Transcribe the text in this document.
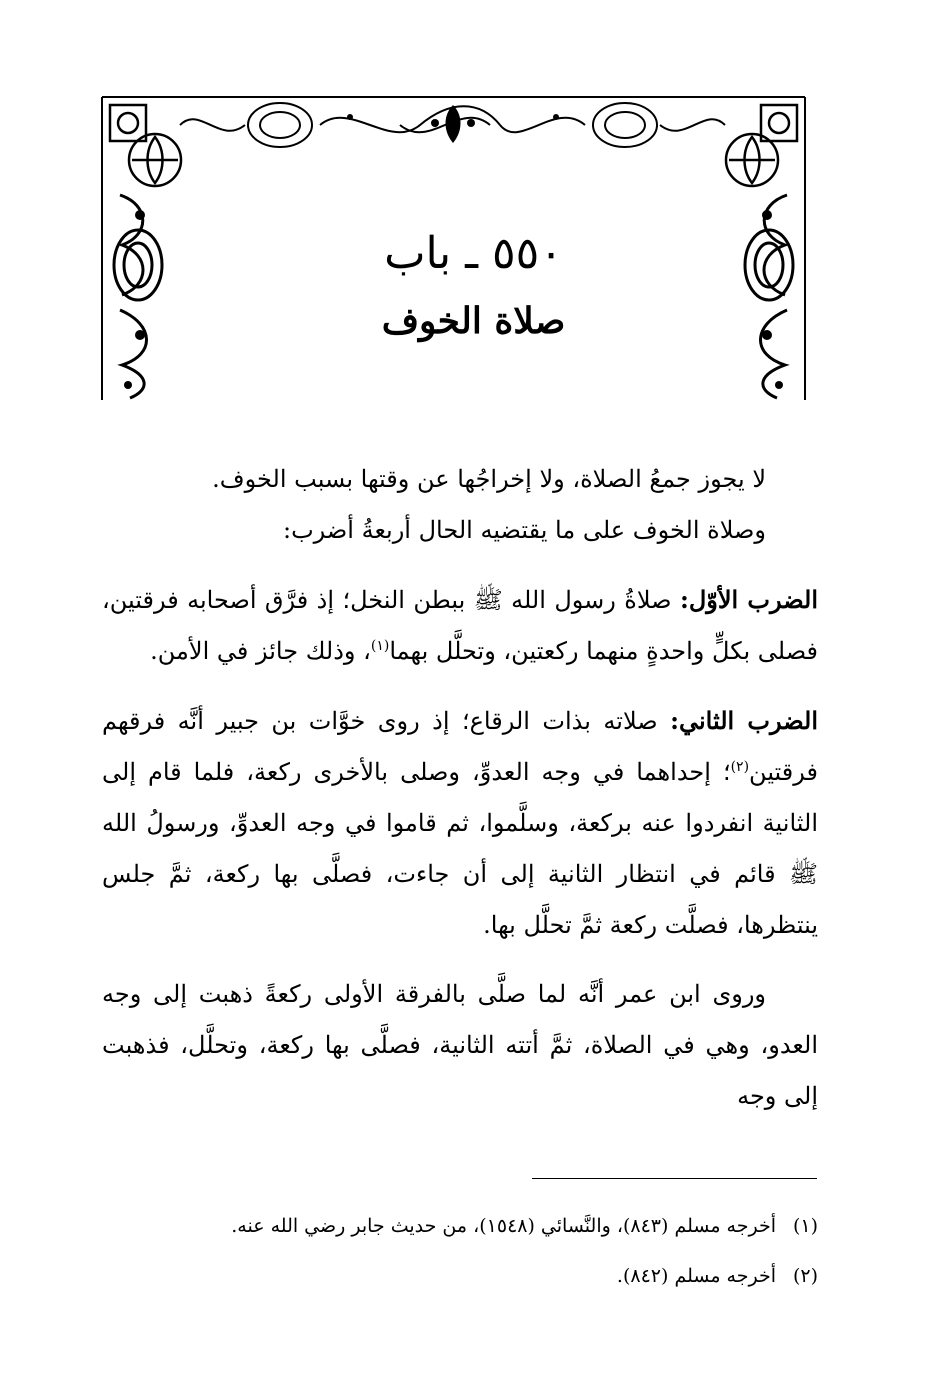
٥٥٠ ـ باب
صلاة الخوف

لا يجوز جمعُ الصلاة، ولا إخراجُها عن وقتها بسبب الخوف.

وصلاة الخوف على ما يقتضيه الحال أربعةُ أضرب:

الضرب الأوّل: صلاةُ رسول الله ﷺ ببطن النخل؛ إذ فرَّق أصحابه فرقتين، فصلى بكلٍّ واحدةٍ منهما ركعتين، وتحلَّل بهما$^{(١)}$، وذلك جائز في الأمن.

الضرب الثاني: صلاته بذات الرقاع؛ إذ روى خوَّات بن جبير أنَّه فرقهم فرقتين$^{(٢)}$؛ إحداهما في وجه العدوِّ، وصلى بالأخرى ركعة، فلما قام إلى الثانية انفردوا عنه بركعة، وسلَّموا، ثم قاموا في وجه العدوِّ، ورسولُ الله ﷺ قائم في انتظار الثانية إلى أن جاءت، فصلَّى بها ركعة، ثمَّ جلس ينتظرها، فصلَّت ركعة ثمَّ تحلَّل بها.

وروى ابن عمر أنَّه لما صلَّى بالفرقة الأولى ركعةً ذهبت إلى وجه العدو، وهي في الصلاة، ثمَّ أتته الثانية، فصلَّى بها ركعة، وتحلَّل، فذهبت إلى وجه

(١)أخرجه مسلم (٨٤٣)، والنَّسائي (١٥٤٨)، من حديث جابر رضي الله عنه.

(٢)أخرجه مسلم (٨٤٢).
